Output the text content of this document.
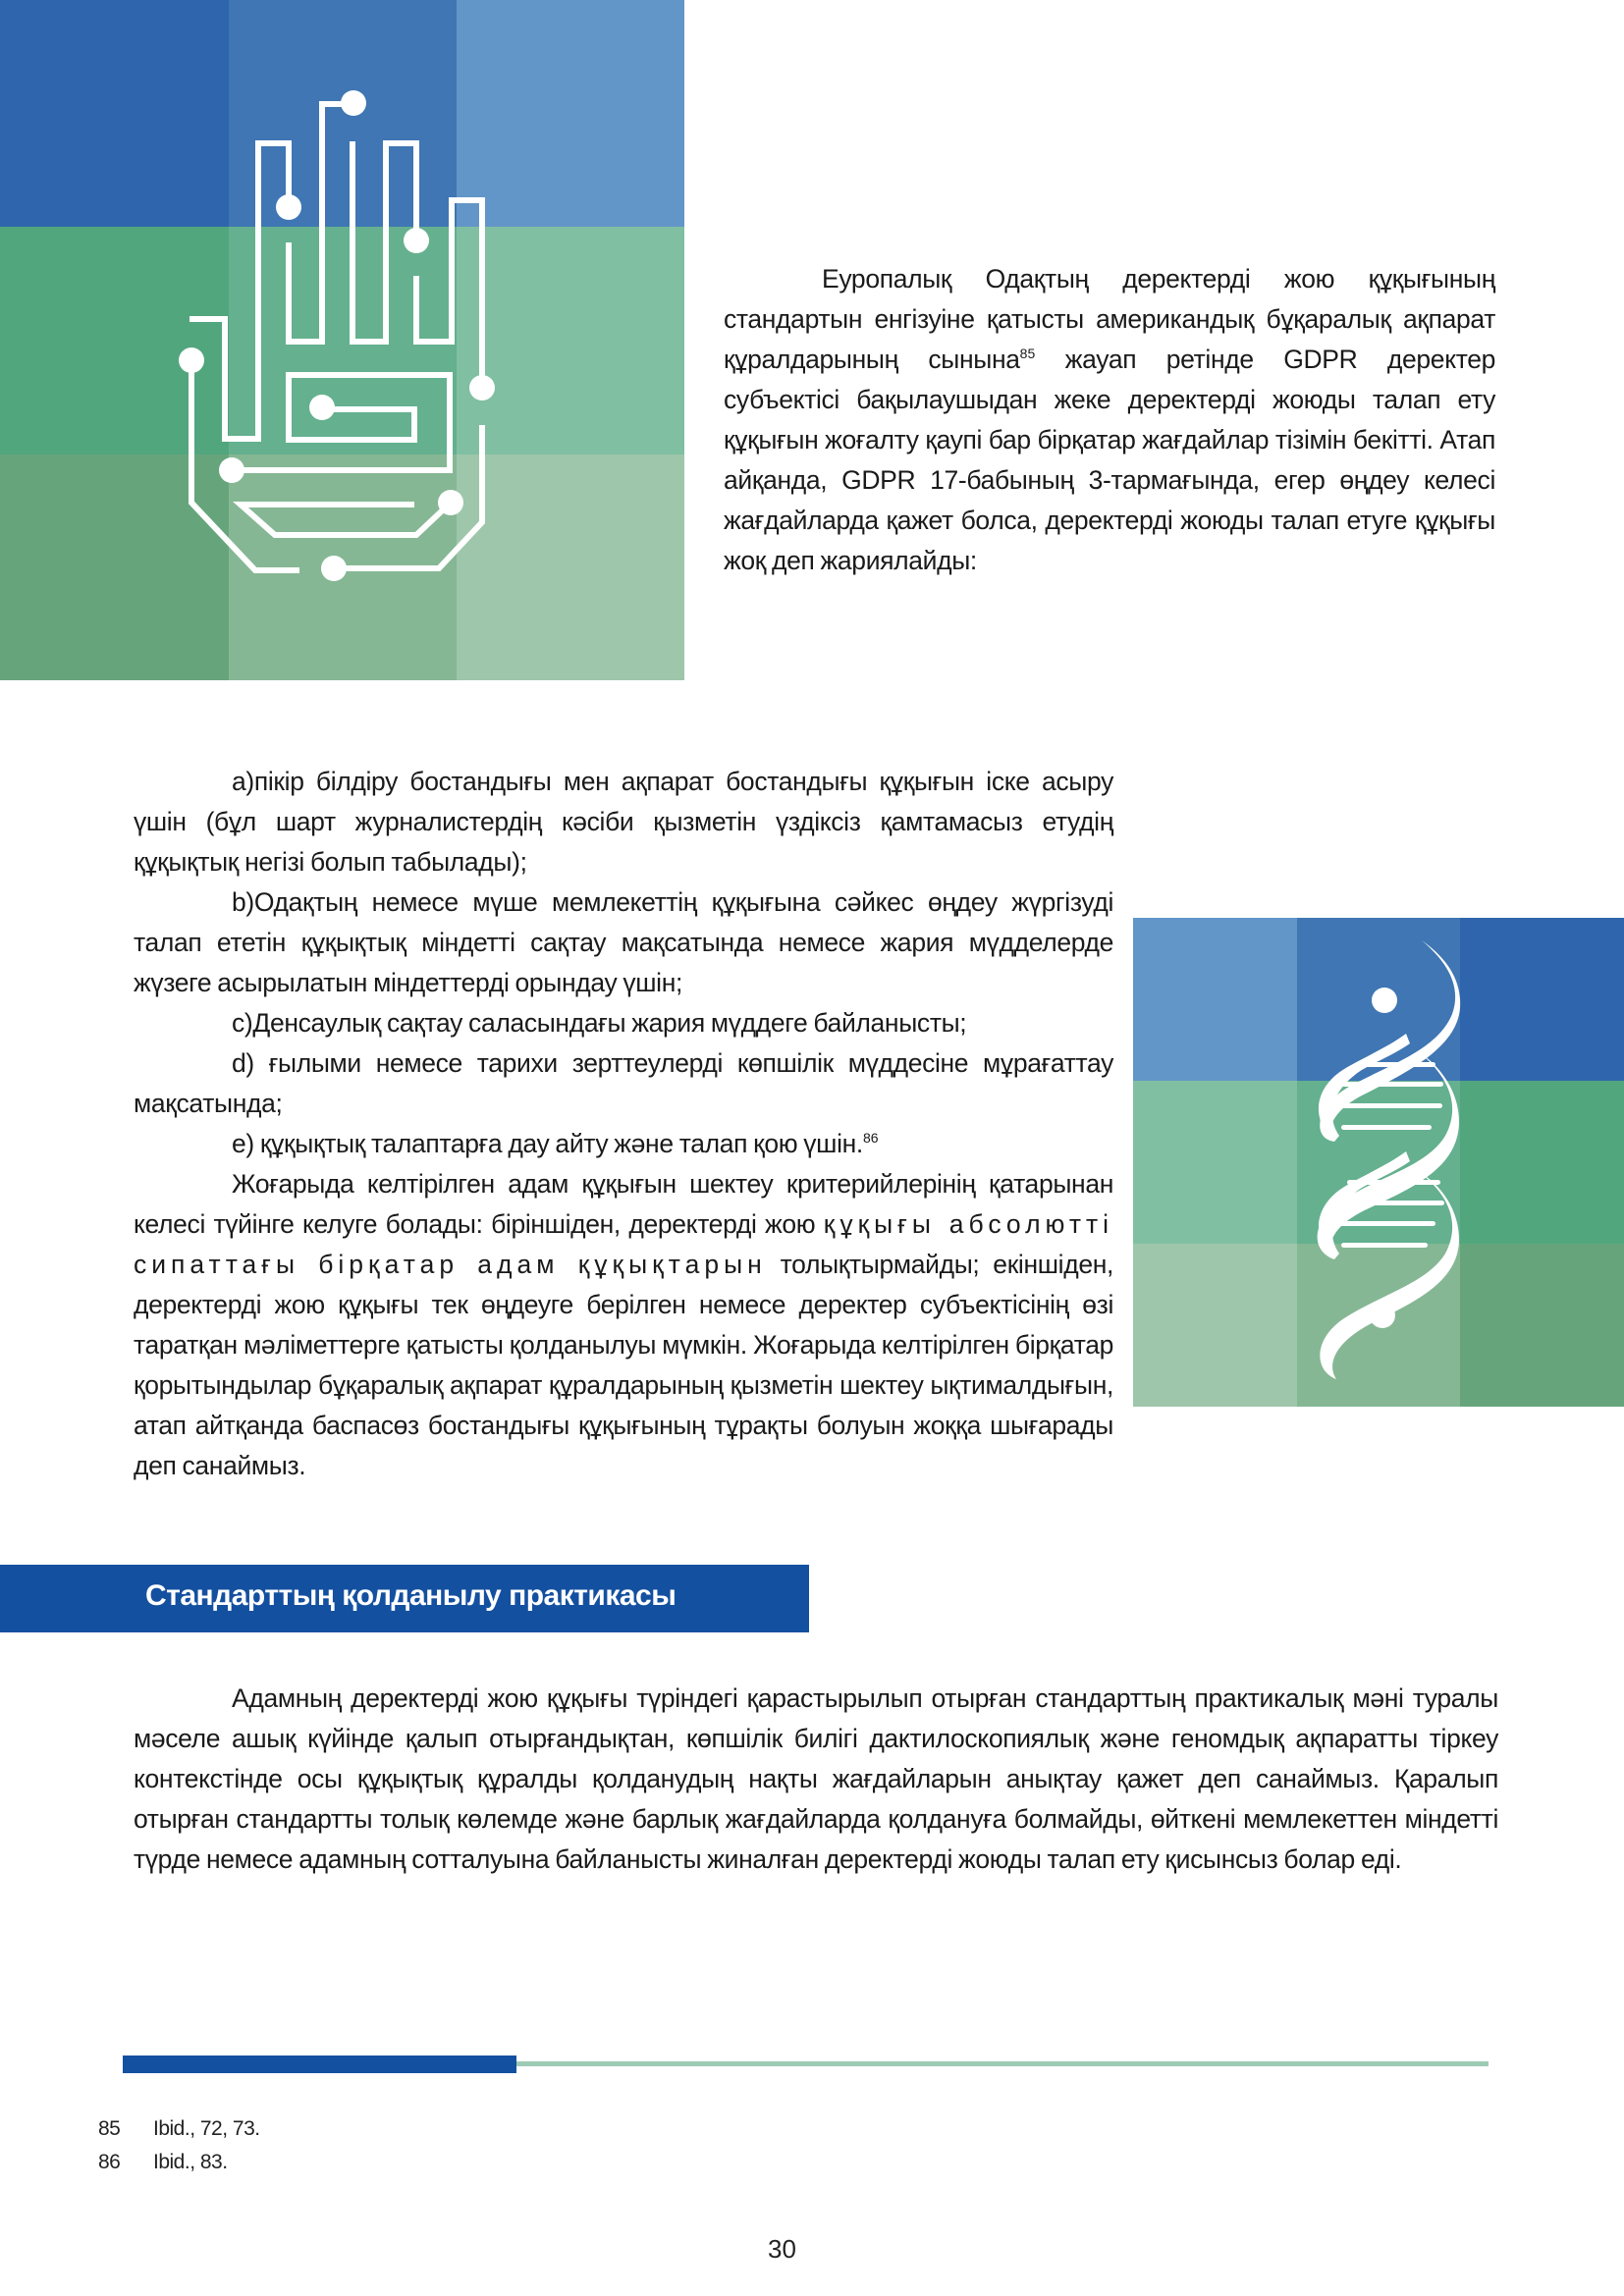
Еуропалық Одақтың деректерді жою құқығының стандартын енгізуіне қатысты американдық бұқаралық ақпарат құралдарының сынына$^{85}$ жауап ретінде GDPR деректер субъектісі бақылаушыдан жеке деректерді жоюды талап ету құқығын жоғалту қаупі бар бірқатар жағдайлар тізімін бекітті. Атап айқанда, GDPR 17-бабының 3-тармағында, егер өңдеу келесі жағдайларда қажет болса, деректерді жоюды талап етуге құқығы жоқ деп жариялайды:

a)пікір білдіру бостандығы мен ақпарат бостандығы құқығын іске асыру үшін (бұл шарт журналистердің кәсіби қызметін үздіксіз қамтамасыз етудің құқықтық негізі болып табылады);

b)Одақтың немесе мүше мемлекеттің құқығына сәйкес өңдеу жүргізуді талап ететін құқықтық міндетті сақтау мақсатында немесе жария мүдделерде жүзеге асырылатын міндеттерді орындау үшін;

c)Денсаулық сақтау саласындағы жария мүддеге байланысты;

d) ғылыми немесе тарихи зерттеулерді көпшілік мүддесіне мұрағаттау мақсатында;

e) құқықтық талаптарға дау айту және талап қою үшін.$^{86}$

Жоғарыда келтірілген адам құқығын шектеу критерийлерінің қатарынан келесі түйінге келуге болады: біріншіден, деректерді жою құқығы абсолютті сипаттағы бірқатар адам құқықтарын толықтырмайды; екіншіден, деректерді жою құқығы тек өңдеуге берілген немесе деректер субъектісінің өзі таратқан мәліметтерге қатысты қолданылуы мүмкін. Жоғарыда келтірілген бірқатар қорытындылар бұқаралық ақпарат құралдарының қызметін шектеу ықтималдығын, атап айтқанда баспасөз бостандығы құқығының тұрақты болуын жоққа шығарады деп санаймыз.

Стандарттың қолданылу практикасы

Адамның деректерді жою құқығы түріндегі қарастырылып отырған стандарттың практикалық мәні туралы мәселе ашық күйінде қалып отырғандықтан, көпшілік билігі дактилоскопиялық және геномдық ақпаратты тіркеу контекстінде осы құқықтық құралды қолданудың нақты жағдайларын анықтау қажет деп санаймыз. Қаралып отырған стандартты толық көлемде және барлық жағдайларда қолдануға болмайды, өйткені мемлекеттен міндетті түрде немесе адамның сотталуына байланысты жиналған деректерді жоюды талап ету қисынсыз болар еді.

85 Ibid., 72, 73.
86 Ibid., 83.
30
